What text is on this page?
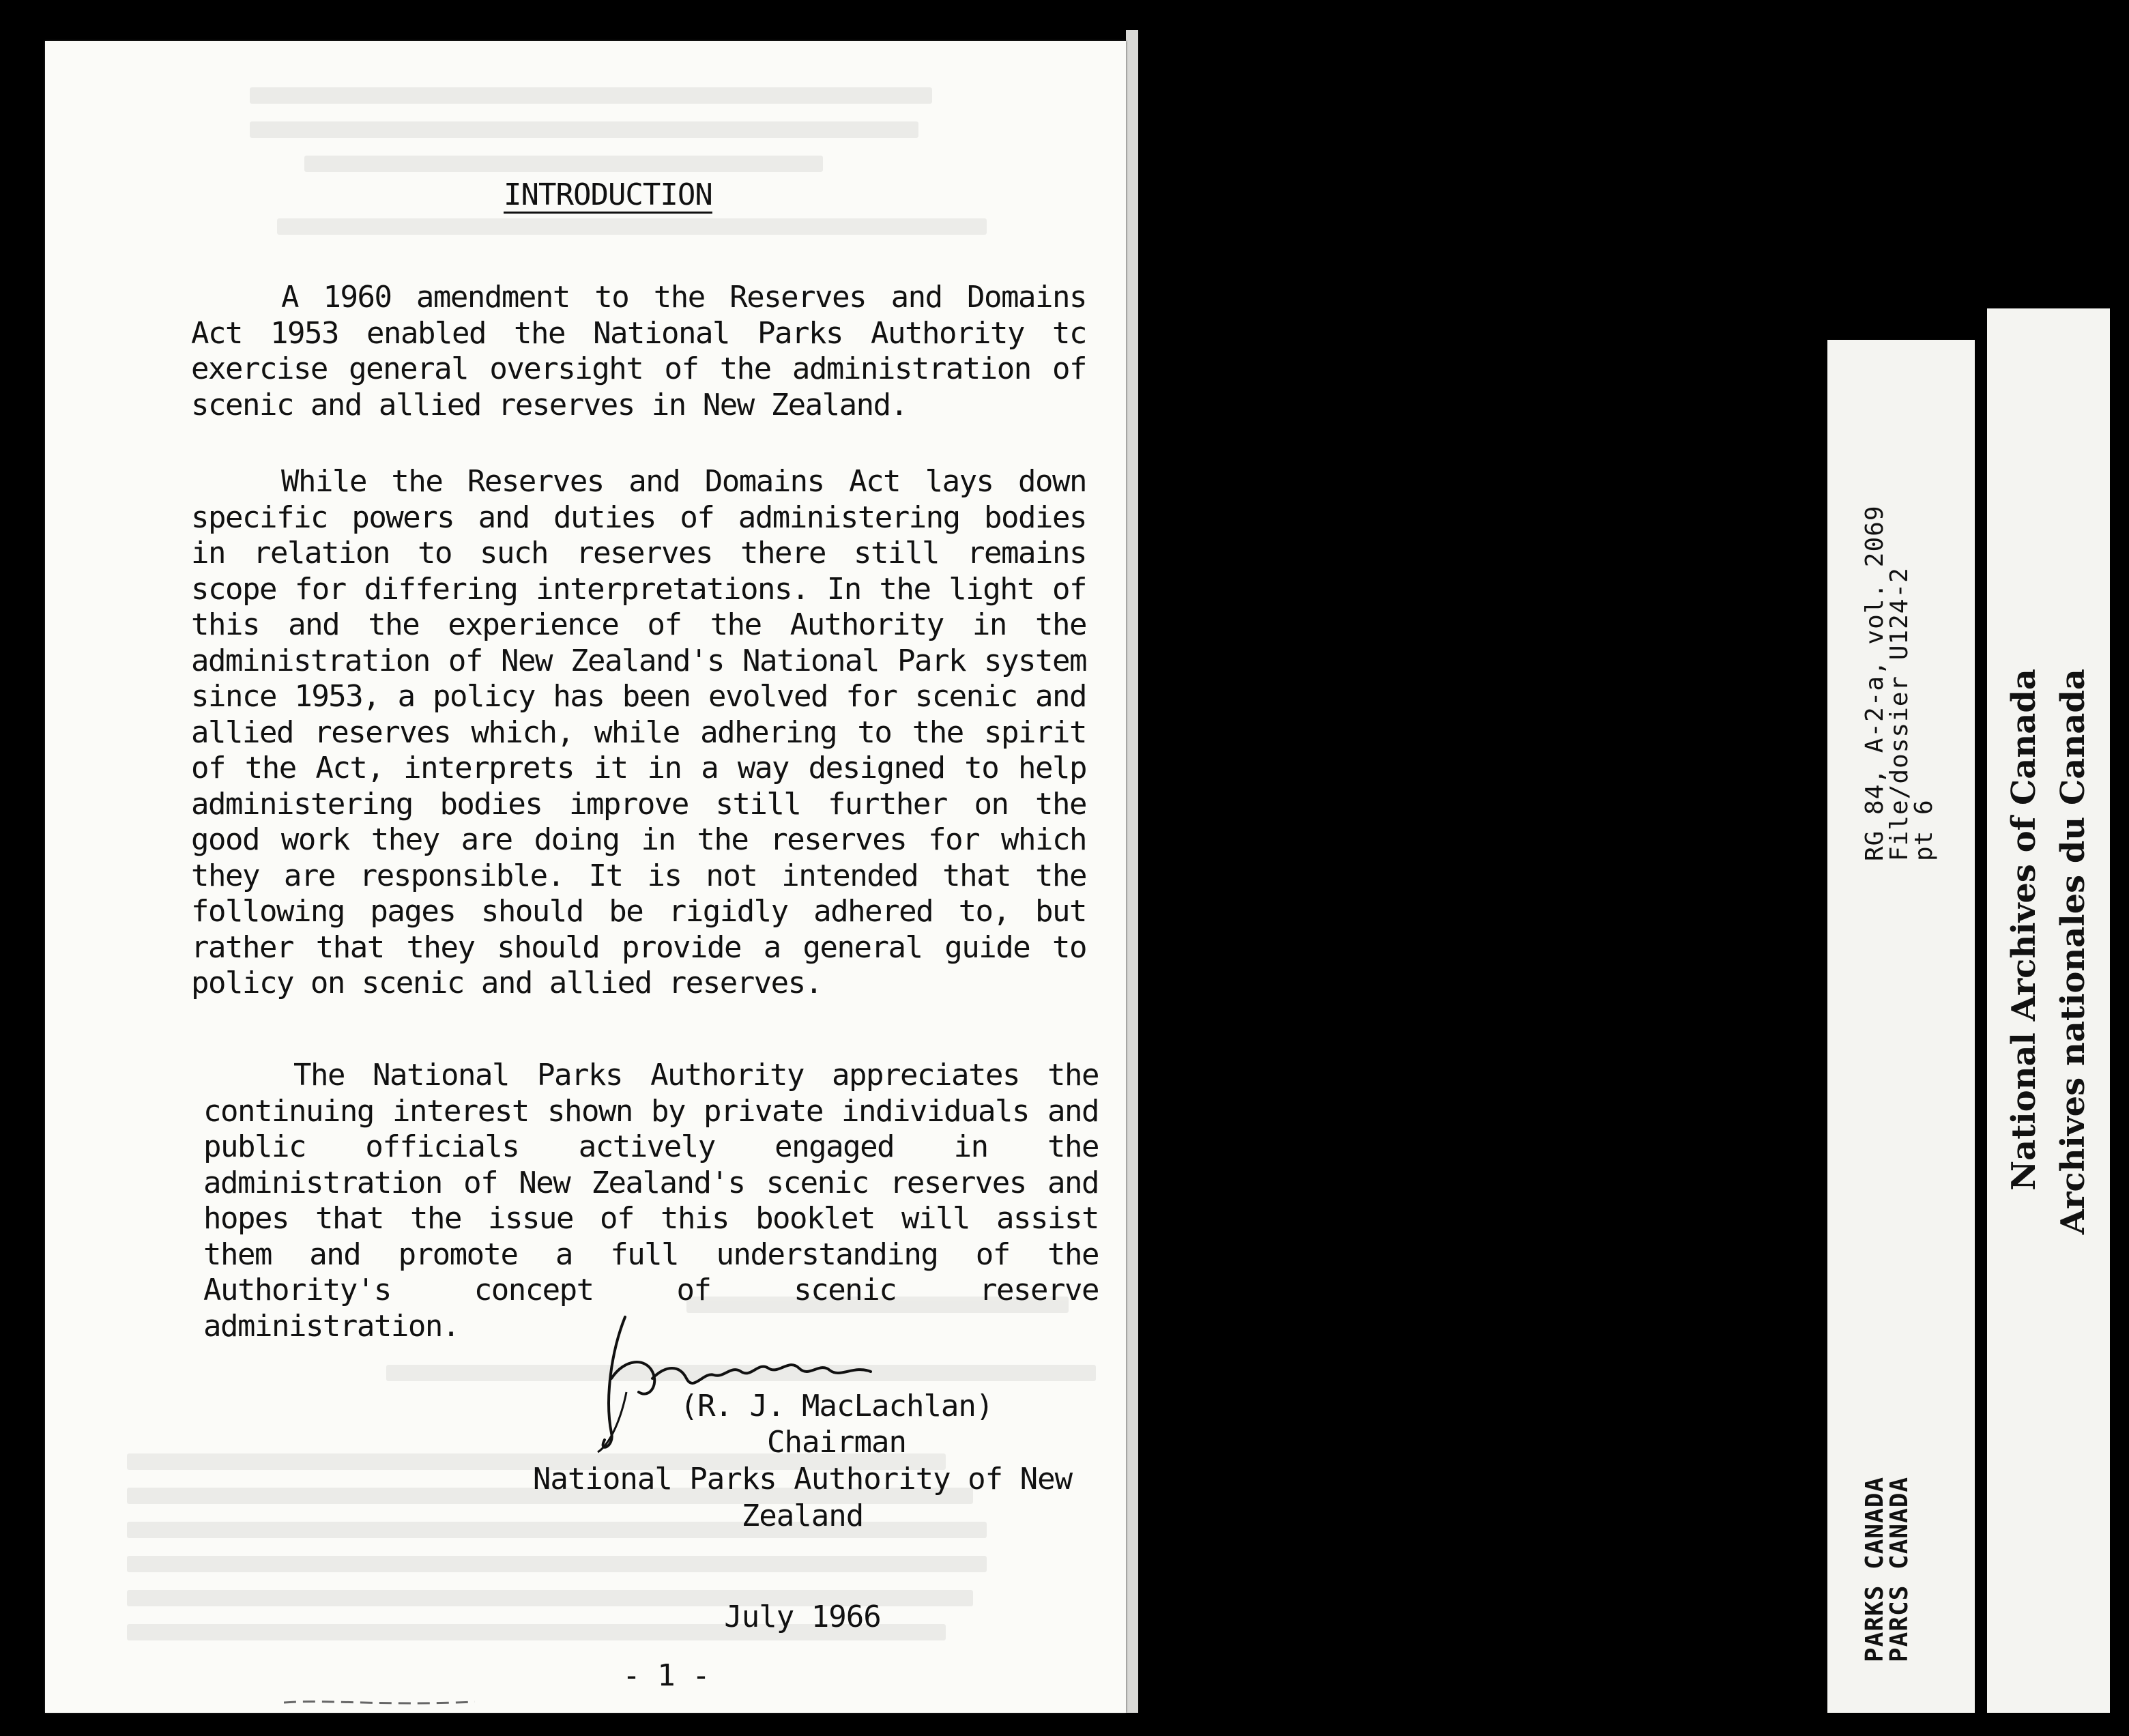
INTRODUCTION
A 1960 amendment to the Reserves and Domains Act 1953 enabled the National Parks Authority tc exercise general oversight of the administration of scenic and allied reserves in New Zealand.
While the Reserves and Domains Act lays down specific powers and duties of administering bodies in relation to such reserves there still remains scope for differing interpretations. In the light of this and the experience of the Authority in the administration of New Zealand's National Park system since 1953, a policy has been evolved for scenic and allied reserves which, while adhering to the spirit of the Act, interprets it in a way designed to help administering bodies improve still further on the good work they are doing in the reserves for which they are responsible. It is not intended that the following pages should be rigidly adhered to, but rather that they should provide a general guide to policy on scenic and allied reserves.
The National Parks Authority appreciates the continuing interest shown by private individuals and public officials actively engaged in the administration of New Zealand's scenic reserves and hopes that the issue of this booklet will assist them and promote a full understanding of the Authority's concept of scenic reserve administration.
(R. J. MacLachlan)
Chairman
National Parks Authority of New Zealand
July 1966
- 1 -
RG 84, A-2-a, vol. 2069
File/dossier U124-2
pt 6
PARKS CANADA
PARCS CANADA
National Archives of Canada Archives nationales du Canada
